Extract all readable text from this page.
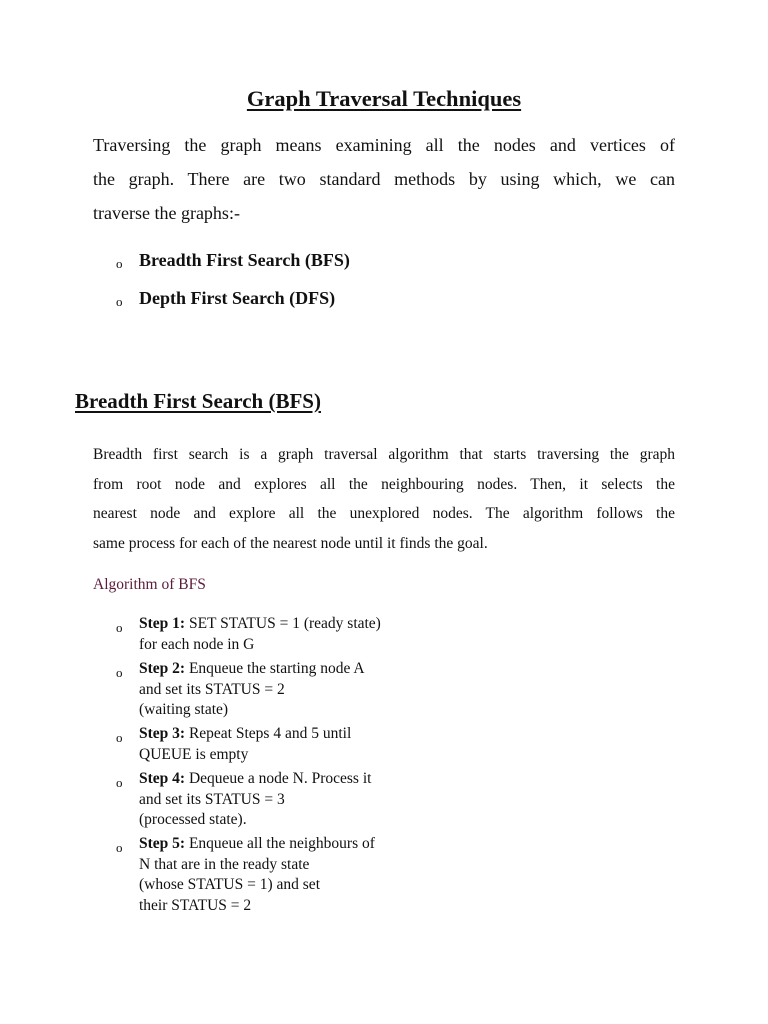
Graph Traversal Techniques
Traversing the graph means examining all the nodes and vertices of
the graph. There are two standard methods by using which, we can
traverse the graphs:-
o Breadth First Search (BFS)
o Depth First Search (DFS)
Breadth First Search (BFS)
Breadth first search is a graph traversal algorithm that starts traversing the graph
from root node and explores all the neighbouring nodes. Then, it selects the
nearest node and explore all the unexplored nodes. The algorithm follows the
same process for each of the nearest node until it finds the goal.
Algorithm of BFS
o Step 1: SET STATUS = 1 (ready state)
for each node in G
o Step 2: Enqueue the starting node A
and set its STATUS = 2
(waiting state)
o Step 3: Repeat Steps 4 and 5 until
QUEUE is empty
o Step 4: Dequeue a node N. Process it
and set its STATUS = 3
(processed state).
o Step 5: Enqueue all the neighbours of
N that are in the ready state
(whose STATUS = 1) and set
their STATUS = 2
